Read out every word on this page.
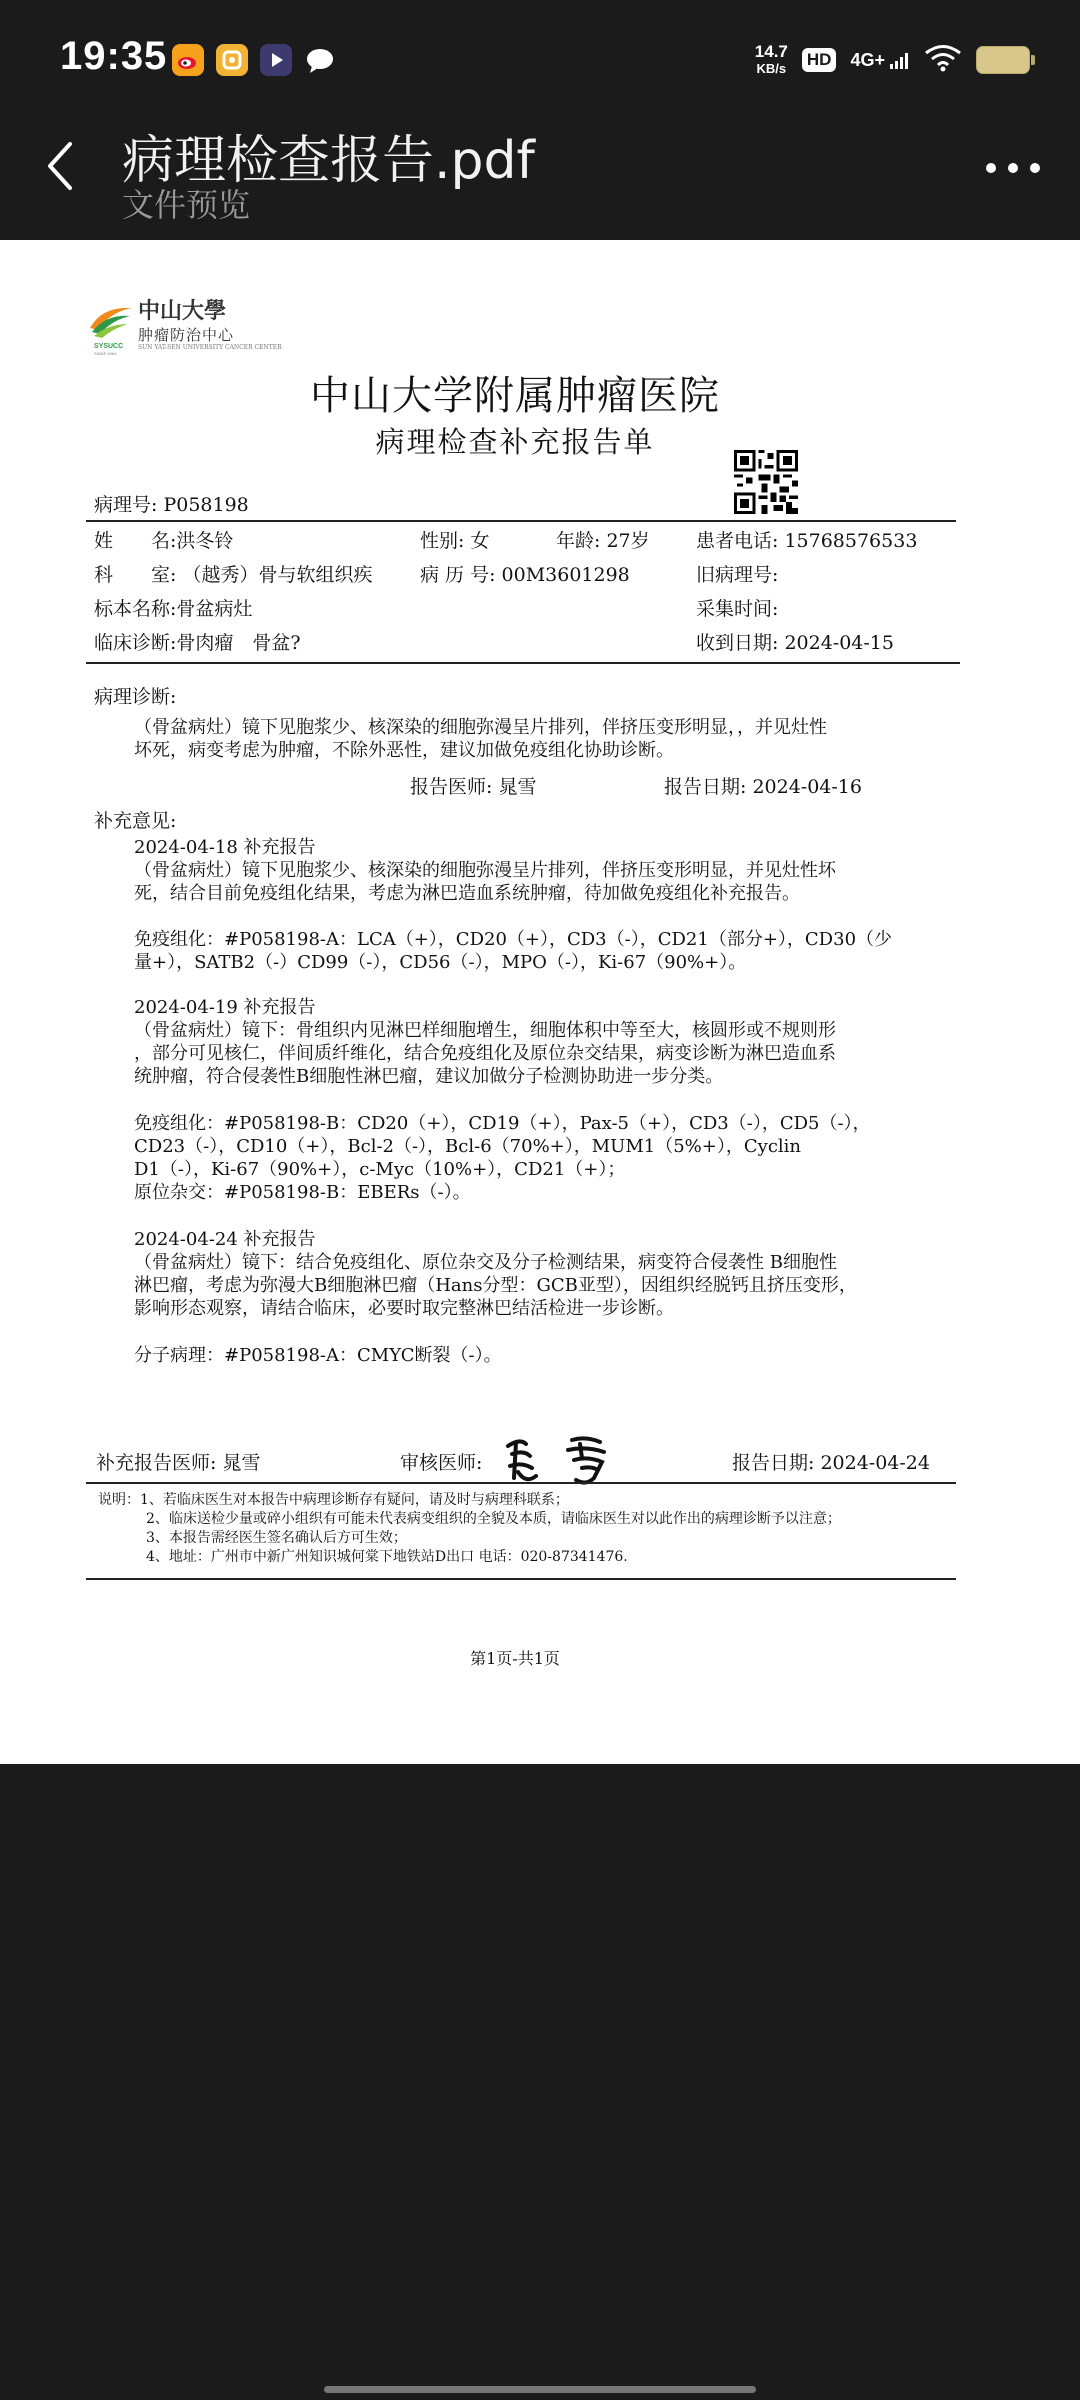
19:35	14.7
KB/s HD 4G+
病理检查报告.pdf
文件预览
SYSUCC
SINCE 1964
中山大學
肿瘤防治中心
SUN YAT-SEN UNIVERSITY CANCER CENTER
中山大学附属肿瘤医院
病理检查补充报告单
病理号: P058198
姓　　名:洪冬铃	性别: 女	年龄: 27岁 患者电话: 15768576533
科　　室: （越秀）骨与软组织疾	病 历 号: 00M3601298	旧病理号:
标本名称:骨盆病灶	采集时间:
临床诊断:骨肉瘤　骨盆?	收到日期: 2024-04-15
病理诊断:
（骨盆病灶）镜下见胞浆少、核深染的细胞弥漫呈片排列，伴挤压变形明显，，并见灶性
坏死，病变考虑为肿瘤，不除外恶性，建议加做免疫组化协助诊断。
报告医师: 晁雪	报告日期: 2024-04-16
补充意见:
2024-04-18 补充报告
（骨盆病灶）镜下见胞浆少、核深染的细胞弥漫呈片排列，伴挤压变形明显，并见灶性坏
死，结合目前免疫组化结果，考虑为淋巴造血系统肿瘤，待加做免疫组化补充报告。
免疫组化：#P058198-A：LCA（+），CD20（+），CD3（-），CD21（部分+），CD30（少
量+），SATB2（-）CD99（-），CD56（-），MPO（-），Ki-67（90%+）。
2024-04-19 补充报告
（骨盆病灶）镜下：骨组织内见淋巴样细胞增生，细胞体积中等至大，核圆形或不规则形
，部分可见核仁，伴间质纤维化，结合免疫组化及原位杂交结果，病变诊断为淋巴造血系
统肿瘤，符合侵袭性B细胞性淋巴瘤，建议加做分子检测协助进一步分类。
免疫组化：#P058198-B：CD20（+），CD19（+），Pax-5（+），CD3（-），CD5（-），
CD23（-），CD10（+），Bcl-2（-），Bcl-6（70%+），MUM1（5%+），Cyclin
D1（-），Ki-67（90%+），c-Myc（10%+），CD21（+）；
原位杂交：#P058198-B：EBERs（-）。
2024-04-24 补充报告
（骨盆病灶）镜下：结合免疫组化、原位杂交及分子检测结果，病变符合侵袭性 B细胞性
淋巴瘤，考虑为弥漫大B细胞淋巴瘤（Hans分型：GCB亚型），因组织经脱钙且挤压变形，
影响形态观察，请结合临床，必要时取完整淋巴结活检进一步诊断。
分子病理：#P058198-A：CMYC断裂（-）。
补充报告医师: 晁雪	审核医师:	报告日期: 2024-04-24
说明：1、若临床医生对本报告中病理诊断存有疑问，请及时与病理科联系；
2、临床送检少量或碎小组织有可能未代表病变组织的全貌及本质，请临床医生对以此作出的病理诊断予以注意；
3、本报告需经医生签名确认后方可生效；
4、地址：广州市中新广州知识城何棠下地铁站D出口 电话：020-87341476.
第1页-共1页
